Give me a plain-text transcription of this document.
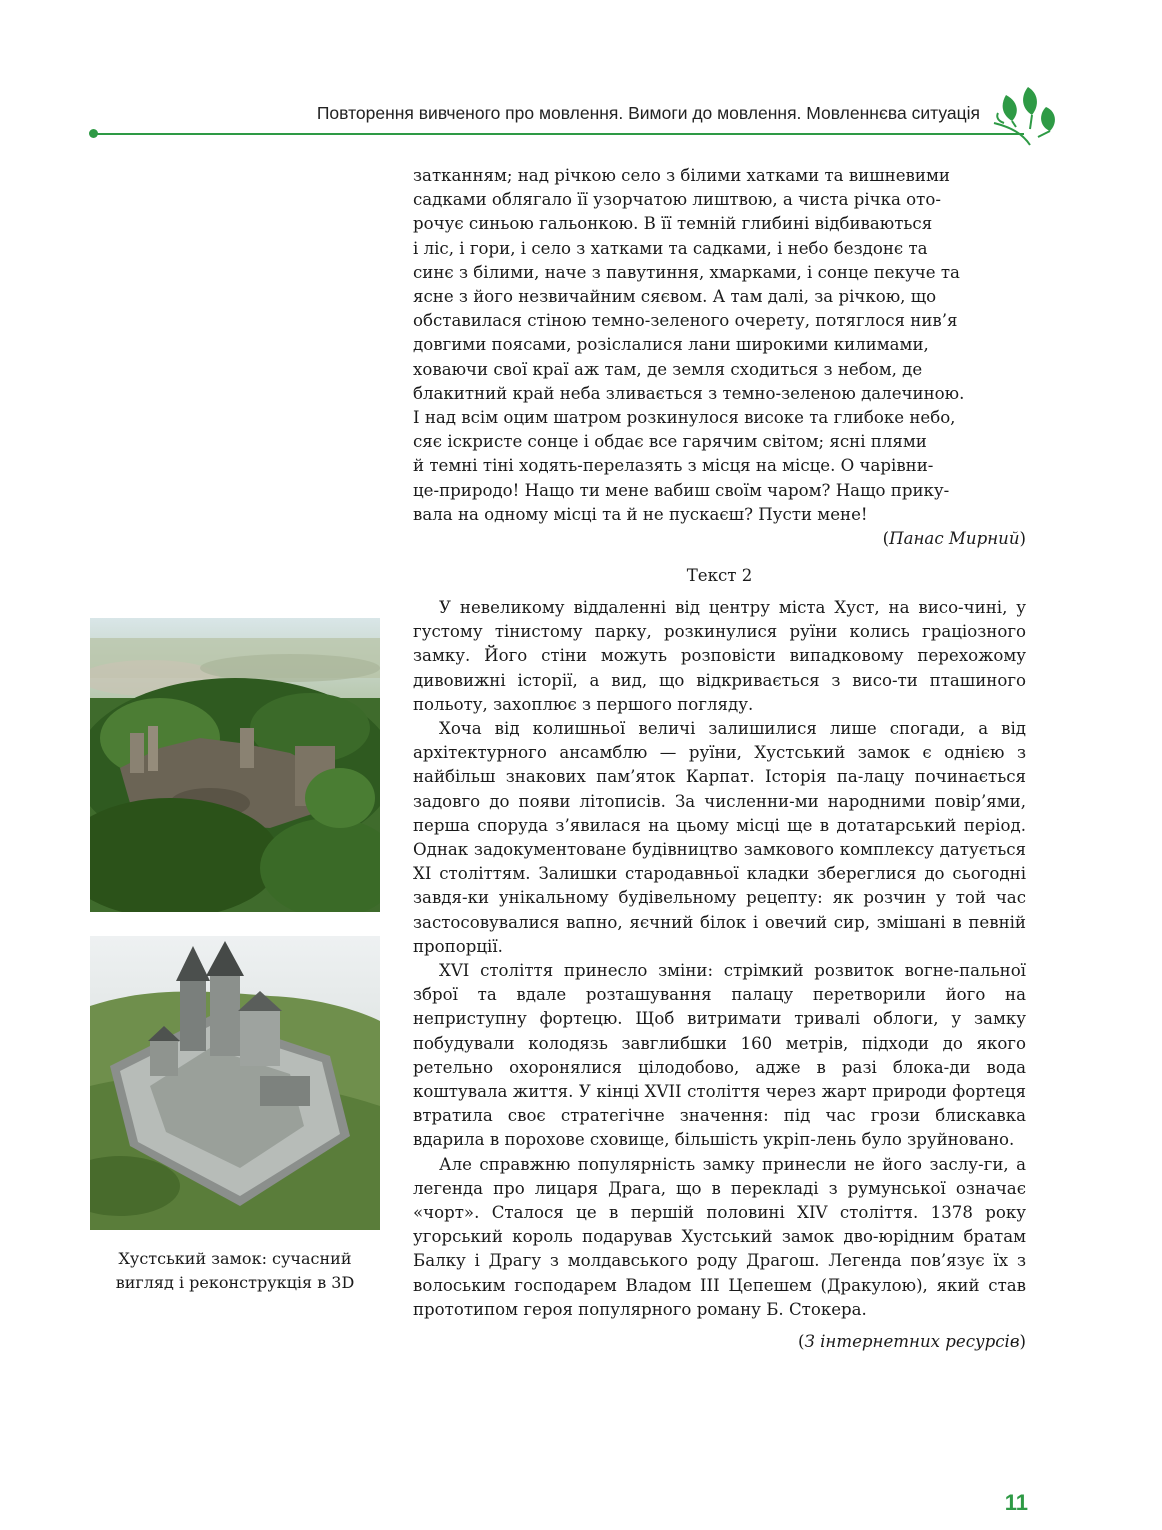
Повторення вивченого про мовлення. Вимоги до мовлення. Мовленнєва ситуація

затканням; над річкою село з білими хатками та вишневими

садками облягало її узорчатою лиштвою, а чиста річка ото-

рочує синьою гальонкою. В її темній глибині відбиваються

і ліс, і гори, і село з хатками та садками, і небо бездонє та

синє з білими, наче з павутиння, хмарками, і сонце пекуче та

ясне з його незвичайним сяєвом. А там далі, за річкою, що

обставилася стіною темно-зеленого очерету, потяглося нив’я

довгими поясами, розіслалися лани широкими килимами,

ховаючи свої краї аж там, де земля сходиться з небом, де

блакитний край неба зливається з темно-зеленою далечиною.

І над всім оцим шатром розкинулося високе та глибоке небо,

сяє іскристе сонце і обдає все гарячим світом; ясні плями

й темні тіні ходять-перелазять з місця на місце. О чарівни-

це-природо! Нащо ти мене вабиш своїм чаром? Нащо прику-

вала на одному місці та й не пускаєш? Пусти мене!

(Панас Мирний)

Текст 2

У невеликому віддаленні від центру міста Хуст, на висо-чині, у густому тінистому парку, розкинулися руїни колись граціозного замку. Його стіни можуть розповісти випадковому перехожому дивовижні історії, а вид, що відкривається з висо-ти пташиного польоту, захоплює з першого погляду.

Хоча від колишньої величі залишилися лише спогади, а від архітектурного ансамблю — руїни, Хустський замок є однією з найбільш знакових пам’яток Карпат. Історія па-лацу починається задовго до появи літописів. За численни-ми народними повір’ями, перша споруда з’явилася на цьому місці ще в дотатарський період. Однак задокументоване будівництво замкового комплексу датується XI століттям. Залишки стародавньої кладки збереглися до сьогодні завдя-ки унікальному будівельному рецепту: як розчин у той час застосовувалися вапно, яєчний білок і овечий сир, змішані в певній пропорції.

XVI століття принесло зміни: стрімкий розвиток вогне-пальної зброї та вдале розташування палацу перетворили його на неприступну фортецю. Щоб витримати тривалі облоги, у замку побудували колодязь завглибшки 160 метрів, підходи до якого ретельно охоронялися цілодобово, адже в разі блока-ди вода коштувала життя. У кінці XVII століття через жарт природи фортеця втратила своє стратегічне значення: під час грози блискавка вдарила в порохове сховище, більшість укріп-лень було зруйновано.

Але справжню популярність замку принесли не його заслу-ги, а легенда про лицаря Драга, що в перекладі з румунської означає «чорт». Сталося це в першій половині XIV століття. 1378 року угорський король подарував Хустський замок дво-юрідним братам Балку і Драгу з молдавського роду Драгош. Легенда пов’язує їх з волоським господарем Владом III Цепешем (Дракулою), який став прототипом героя популярного роману Б. Стокера.

(З інтернетних ресурсів)

Хустський замок: сучасний
вигляд і реконструкція в 3D
11
